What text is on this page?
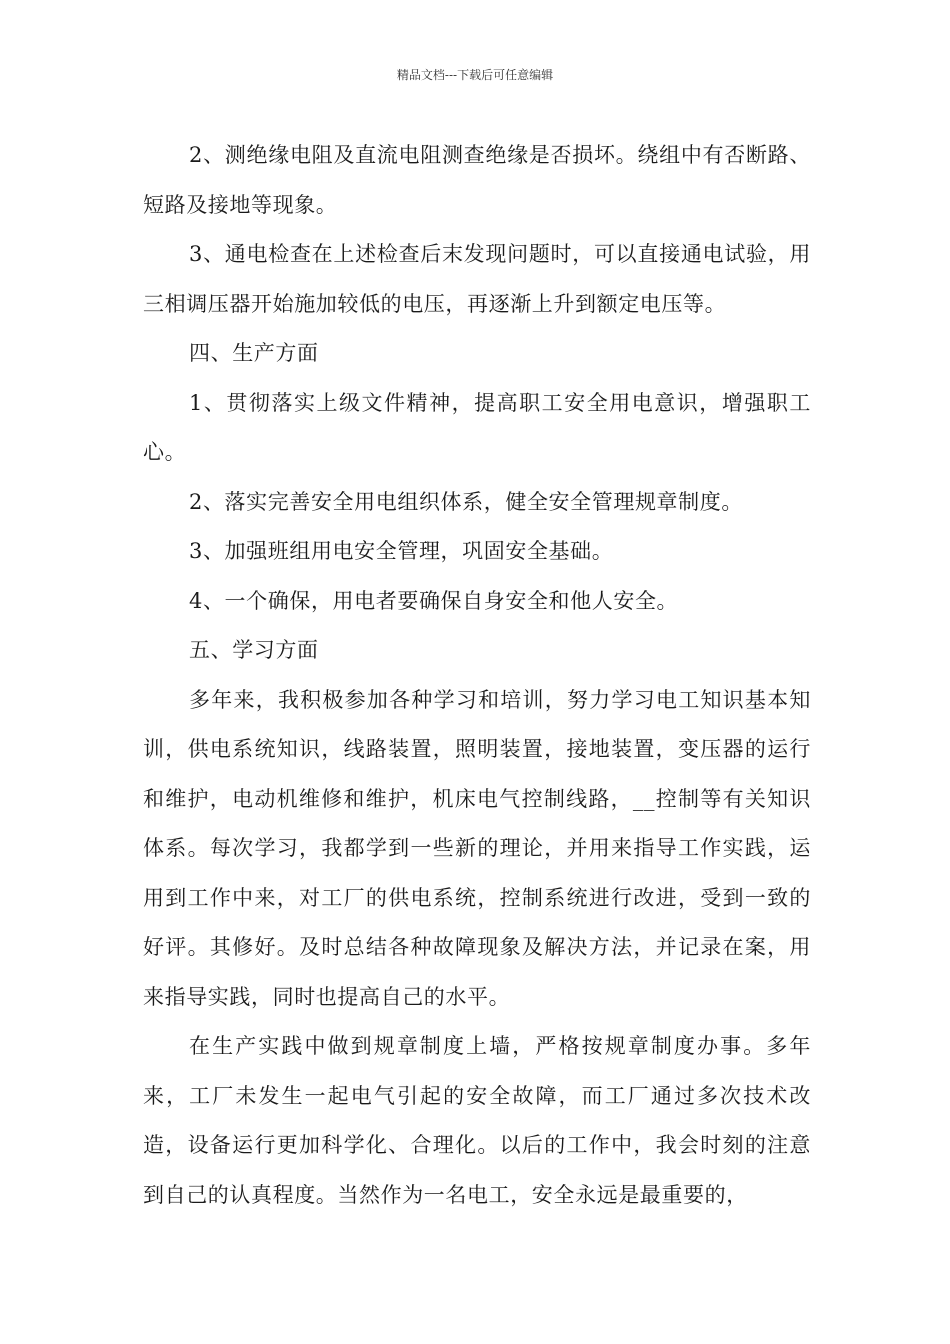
精品文档---下载后可任意编辑

2、测绝缘电阻及直流电阻测查绝缘是否损坏。绕组中有否断路、短路及接地等现象。

3、通电检查在上述检查后末发现问题时，可以直接通电试验，用三相调压器开始施加较低的电压，再逐渐上升到额定电压等。

四、生产方面

1、贯彻落实上级文件精神，提高职工安全用电意识，增强职工心。

2、落实完善安全用电组织体系，健全安全管理规章制度。

3、加强班组用电安全管理，巩固安全基础。

4、一个确保，用电者要确保自身安全和他人安全。

五、学习方面

多年来，我积极参加各种学习和培训，努力学习电工知识基本知训，供电系统知识，线路装置，照明装置，接地装置，变压器的运行和维护，电动机维修和维护，机床电气控制线路，__控制等有关知识体系。每次学习，我都学到一些新的理论，并用来指导工作实践，运用到工作中来，对工厂的供电系统，控制系统进行改进，受到一致的好评。其修好。及时总结各种故障现象及解决方法，并记录在案，用来指导实践，同时也提高自己的水平。

在生产实践中做到规章制度上墙，严格按规章制度办事。多年来，工厂未发生一起电气引起的安全故障，而工厂通过多次技术改造，设备运行更加科学化、合理化。以后的工作中，我会时刻的注意到自己的认真程度。当然作为一名电工，安全永远是最重要的，
